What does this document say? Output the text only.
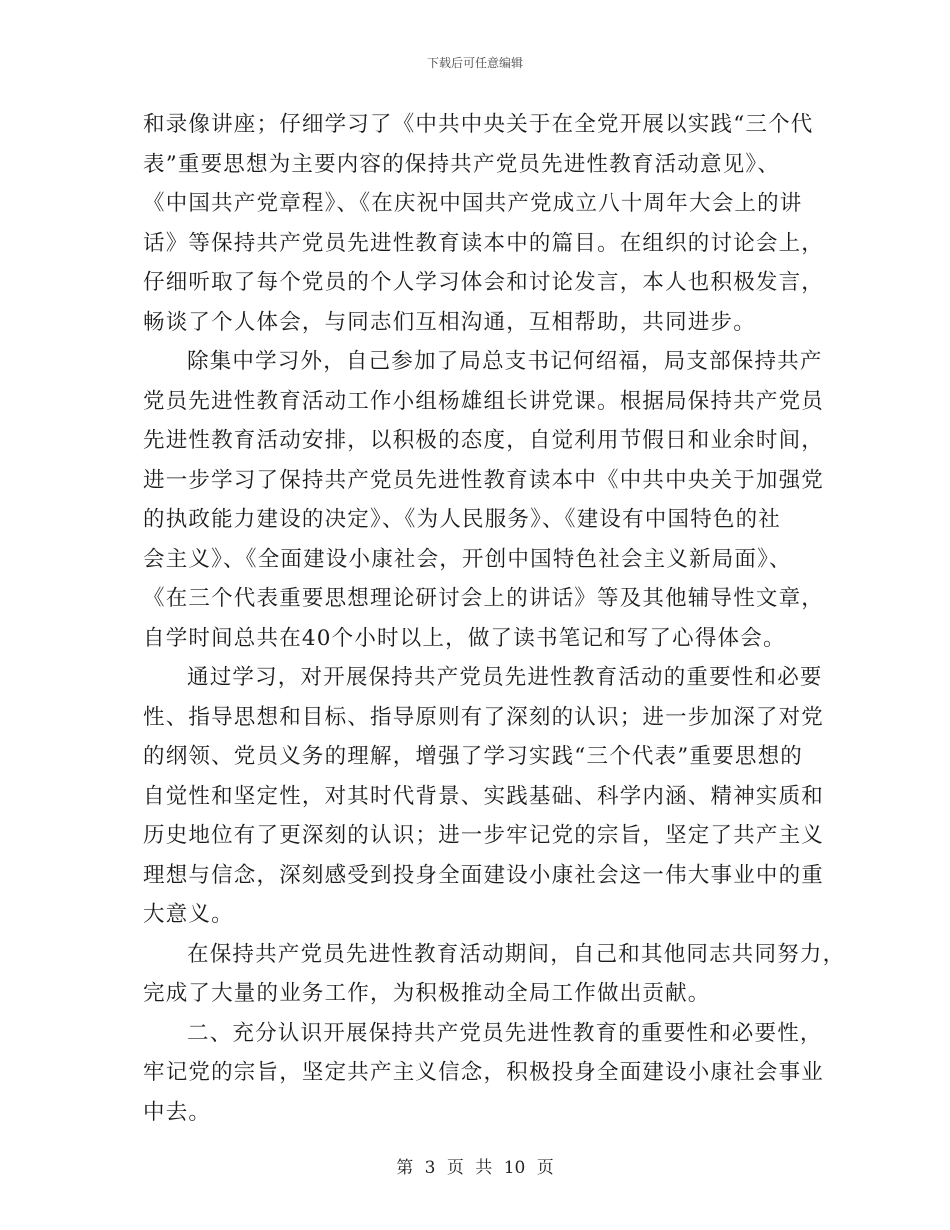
下载后可任意编辑

和录像讲座；仔细学习了《中共中央关于在全党开展以实践“三个代
表”重要思想为主要内容的保持共产党员先进性教育活动意见》、
《中国共产党章程》、《在庆祝中国共产党成立八十周年大会上的讲
话》等保持共产党员先进性教育读本中的篇目。在组织的讨论会上，
仔细听取了每个党员的个人学习体会和讨论发言，本人也积极发言，
畅谈了个人体会，与同志们互相沟通，互相帮助，共同进步。

除集中学习外，自己参加了局总支书记何绍福，局支部保持共产
党员先进性教育活动工作小组杨雄组长讲党课。根据局保持共产党员
先进性教育活动安排，以积极的态度，自觉利用节假日和业余时间，
进一步学习了保持共产党员先进性教育读本中《中共中央关于加强党
的执政能力建设的决定》、《为人民服务》、《建设有中国特色的社
会主义》、《全面建设小康社会，开创中国特色社会主义新局面》、
《在三个代表重要思想理论研讨会上的讲话》等及其他辅导性文章，
自学时间总共在40个小时以上，做了读书笔记和写了心得体会。

通过学习，对开展保持共产党员先进性教育活动的重要性和必要
性、指导思想和目标、指导原则有了深刻的认识；进一步加深了对党
的纲领、党员义务的理解，增强了学习实践“三个代表”重要思想的
自觉性和坚定性，对其时代背景、实践基础、科学内涵、精神实质和
历史地位有了更深刻的认识；进一步牢记党的宗旨，坚定了共产主义
理想与信念，深刻感受到投身全面建设小康社会这一伟大事业中的重
大意义。

在保持共产党员先进性教育活动期间，自己和其他同志共同努力，
完成了大量的业务工作，为积极推动全局工作做出贡献。

二、充分认识开展保持共产党员先进性教育的重要性和必要性，
牢记党的宗旨，坚定共产主义信念，积极投身全面建设小康社会事业
中去。

第 3 页 共 10 页
